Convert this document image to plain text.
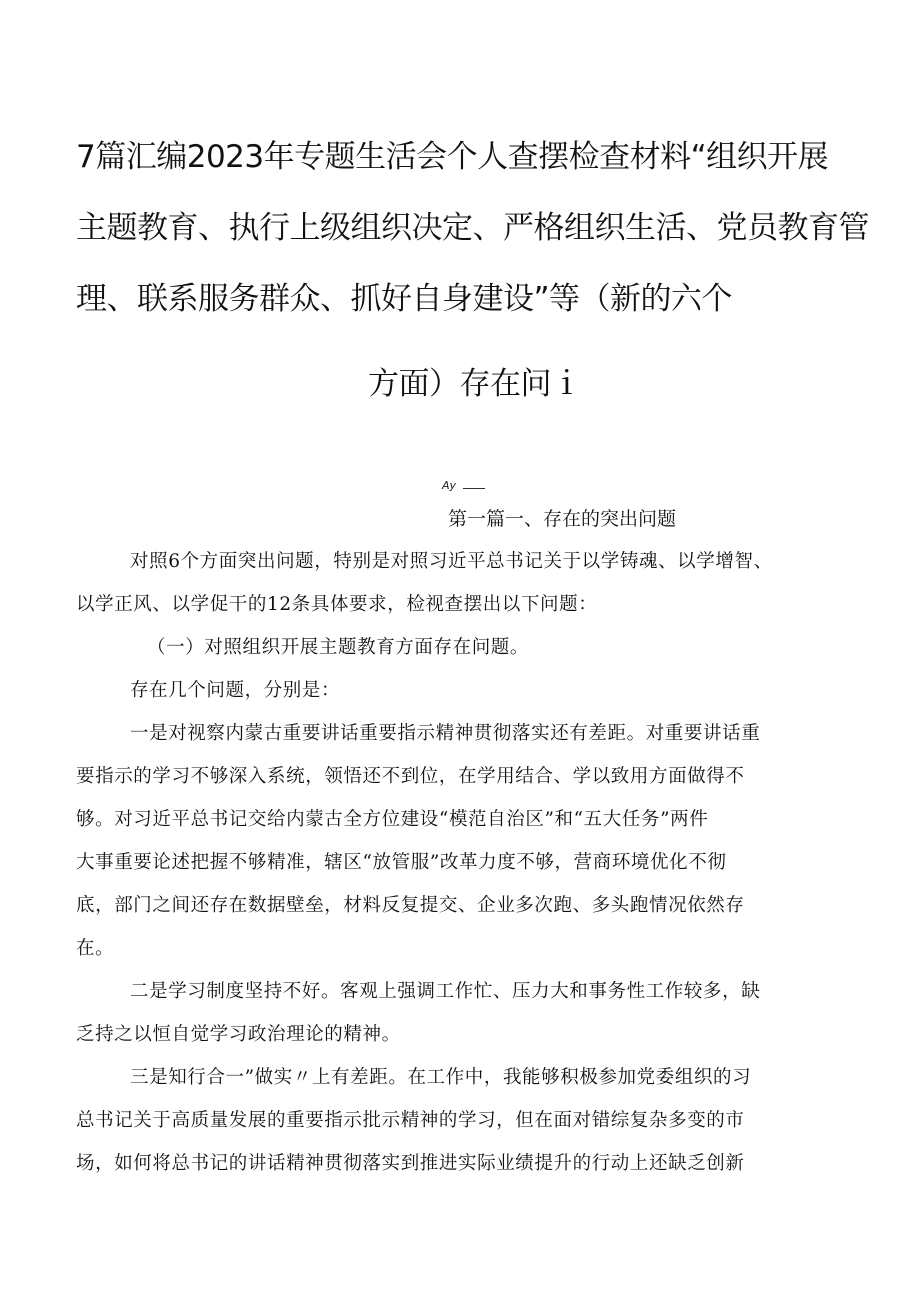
7篇汇编2023年专题生活会个人查摆检查材料“组织开展
主题教育、执行上级组织决定、严格组织生活、党员教育管
理、联系服务群众、抓好自身建设”等（新的六个
方面）存在问ｉ
Ay
第一篇一、存在的突出问题
对照6个方面突出问题，特别是对照习近平总书记关于以学铸魂、以学增智、
以学正风、以学促干的12条具体要求，检视查摆出以下问题：
（一）对照组织开展主题教育方面存在问题。
存在几个问题，分别是：
一是对视察内蒙古重要讲话重要指示精神贯彻落实还有差距。对重要讲话重
要指示的学习不够深入系统，领悟还不到位，在学用结合、学以致用方面做得不
够。对习近平总书记交给内蒙古全方位建设“模范自治区”和“五大任务”两件
大事重要论述把握不够精准，辖区“放管服”改革力度不够，营商环境优化不彻
底，部门之间还存在数据壁垒，材料反复提交、企业多次跑、多头跑情况依然存
在。
二是学习制度坚持不好。客观上强调工作忙、压力大和事务性工作较多，缺
乏持之以恒自觉学习政治理论的精神。
三是知行合一”做实〃上有差距。在工作中，我能够积极参加党委组织的习
总书记关于高质量发展的重要指示批示精神的学习，但在面对错综复杂多变的市
场，如何将总书记的讲话精神贯彻落实到推进实际业绩提升的行动上还缺乏创新
